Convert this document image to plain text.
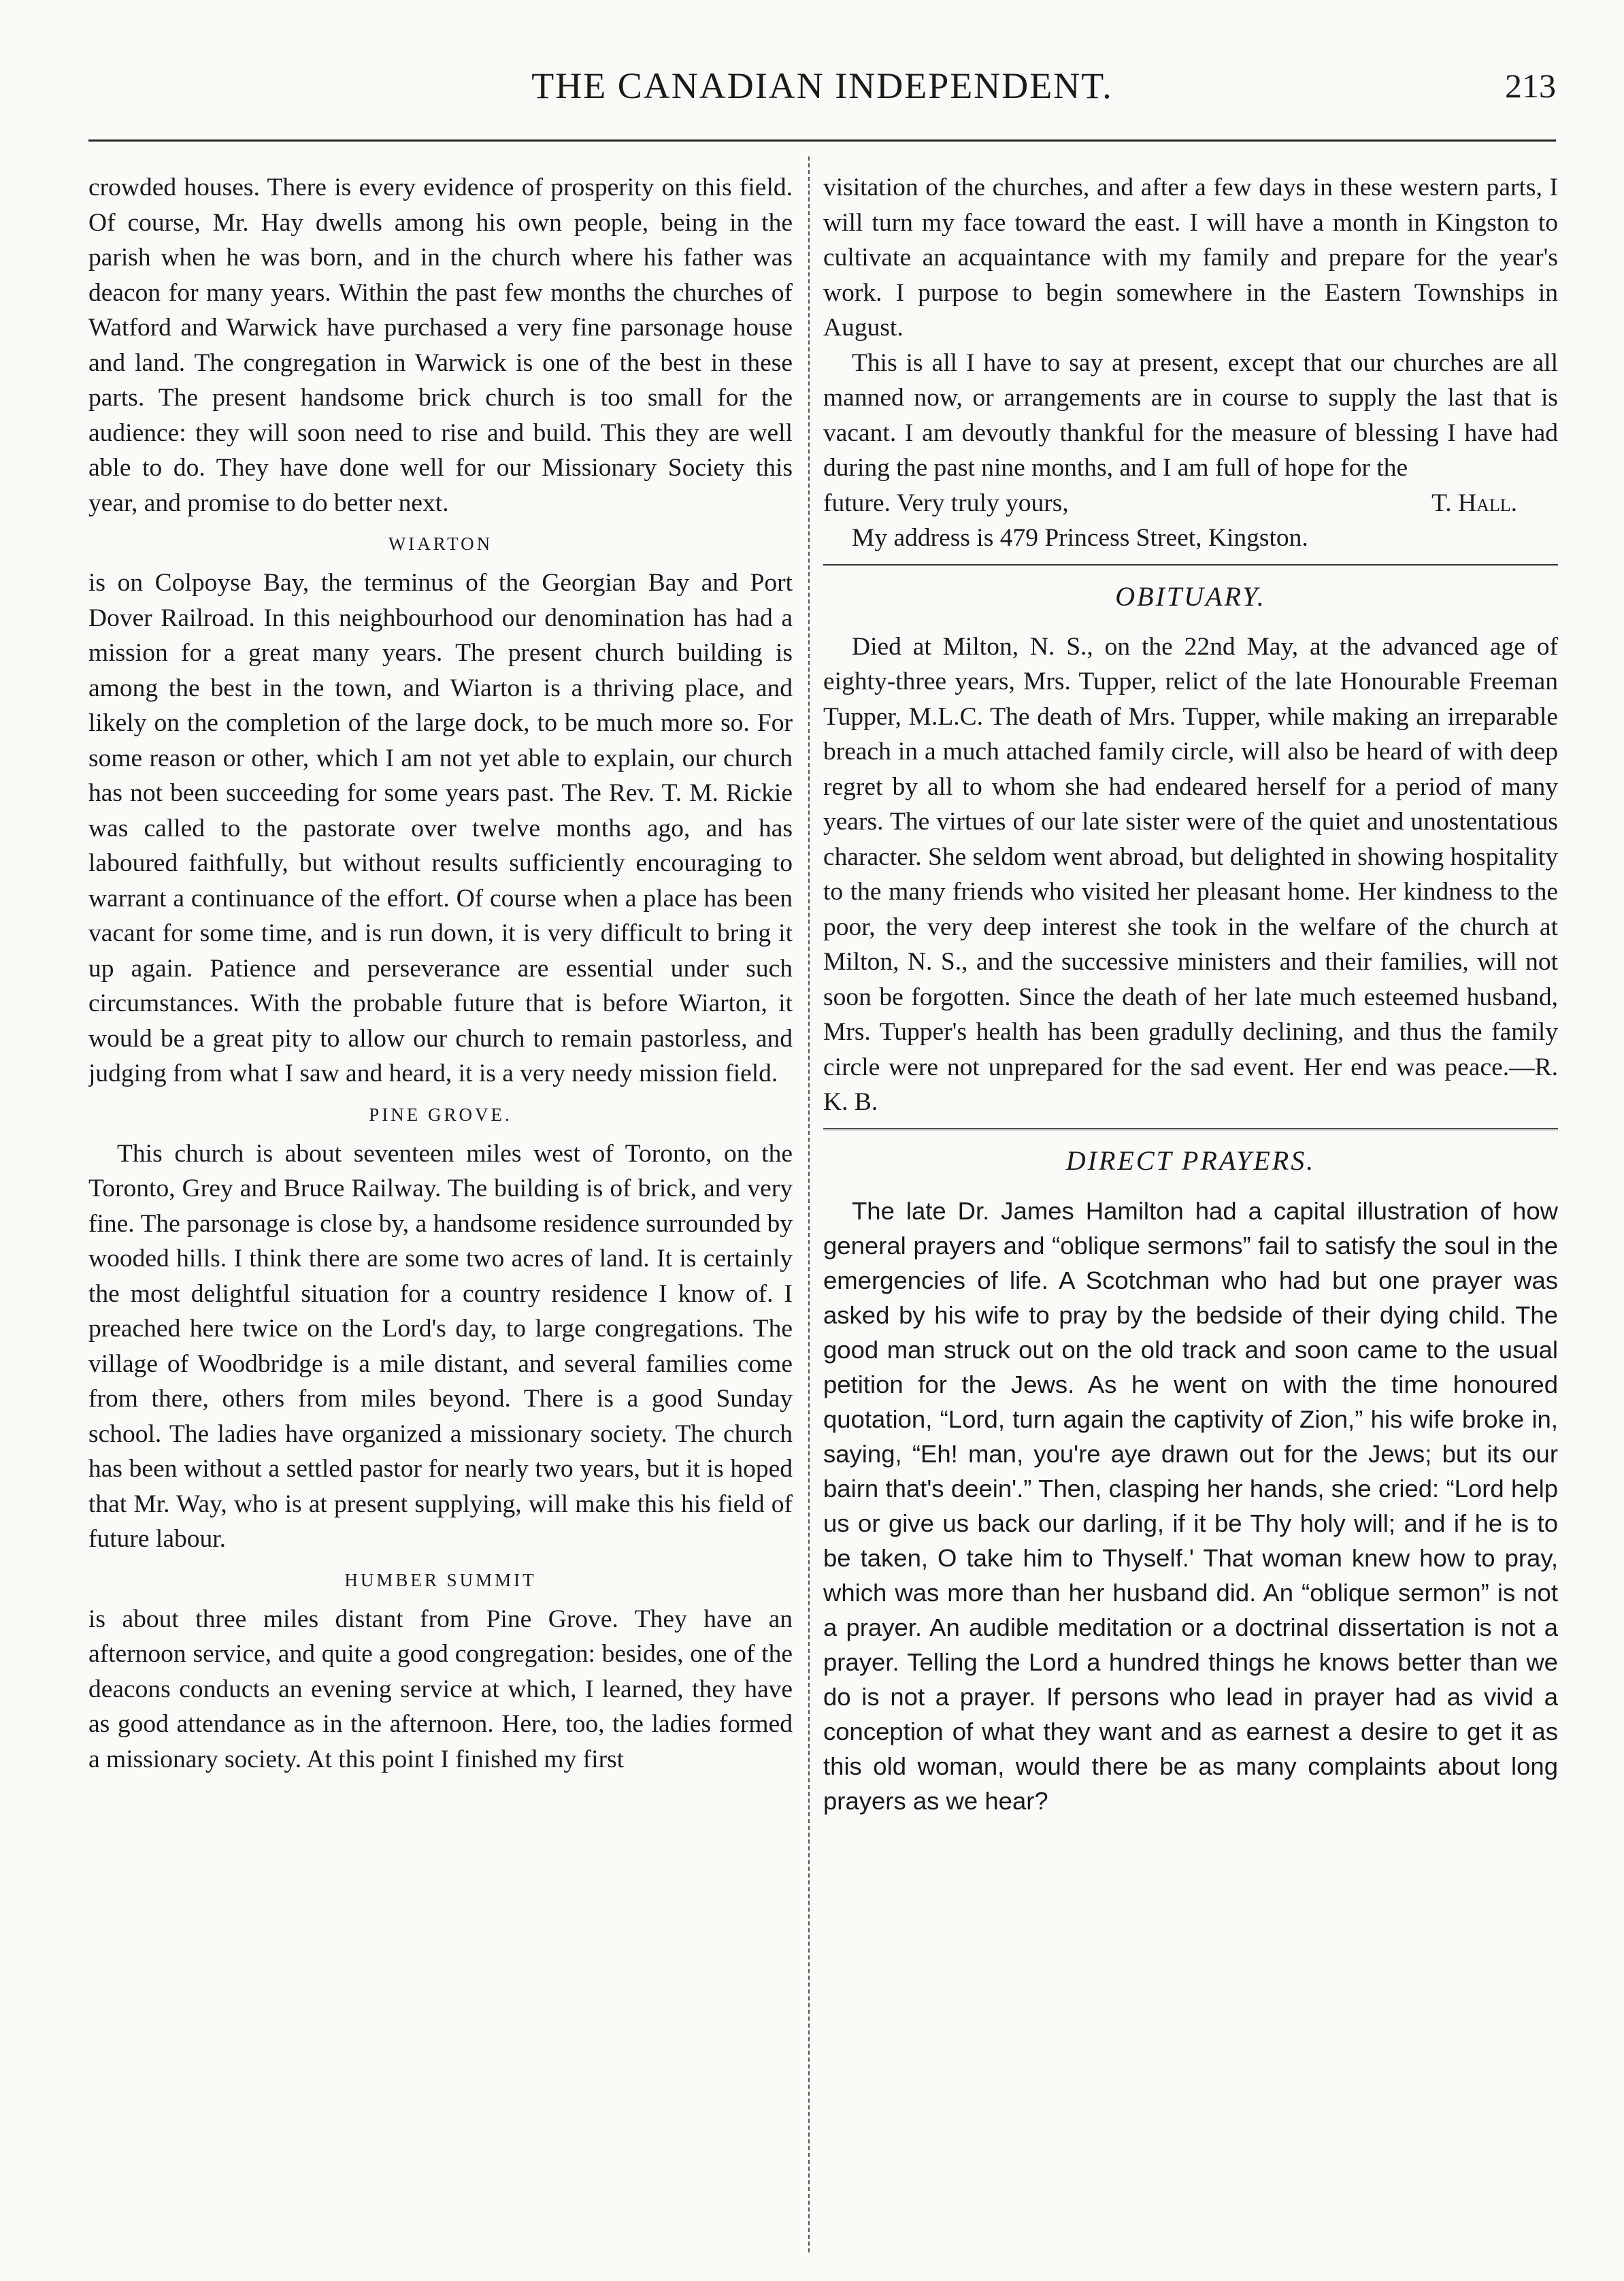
THE CANADIAN INDEPENDENT.	213

crowded houses. There is every evidence of prosperity on this field. Of course, Mr. Hay dwells among his own people, being in the parish when he was born, and in the church where his father was deacon for many years. Within the past few months the churches of Watford and Warwick have purchased a very fine parsonage house and land. The congregation in Warwick is one of the best in these parts. The present handsome brick church is too small for the audience: they will soon need to rise and build. This they are well able to do. They have done well for our Missionary Society this year, and promise to do better next.

WIARTON

is on Colpoyse Bay, the terminus of the Georgian Bay and Port Dover Railroad. In this neighbourhood our denomination has had a mission for a great many years. The present church building is among the best in the town, and Wiarton is a thriving place, and likely on the completion of the large dock, to be much more so. For some reason or other, which I am not yet able to explain, our church has not been succeeding for some years past. The Rev. T. M. Rickie was called to the pastorate over twelve months ago, and has laboured faithfully, but without results sufficiently encouraging to warrant a continuance of the effort. Of course when a place has been vacant for some time, and is run down, it is very difficult to bring it up again. Patience and perseverance are essential under such circumstances. With the probable future that is before Wiarton, it would be a great pity to allow our church to remain pastorless, and judging from what I saw and heard, it is a very needy mission field.

PINE GROVE.

This church is about seventeen miles west of Toronto, on the Toronto, Grey and Bruce Railway. The building is of brick, and very fine. The parsonage is close by, a handsome residence surrounded by wooded hills. I think there are some two acres of land. It is certainly the most delightful situation for a country residence I know of. I preached here twice on the Lord's day, to large congregations. The village of Woodbridge is a mile distant, and several families come from there, others from miles beyond. There is a good Sunday school. The ladies have organized a missionary society. The church has been without a settled pastor for nearly two years, but it is hoped that Mr. Way, who is at present supplying, will make this his field of future labour.

HUMBER SUMMIT

is about three miles distant from Pine Grove. They have an afternoon service, and quite a good congregation: besides, one of the deacons conducts an evening service at which, I learned, they have as good attendance as in the afternoon. Here, too, the ladies formed a missionary society. At this point I finished my first

visitation of the churches, and after a few days in these western parts, I will turn my face toward the east. I will have a month in Kingston to cultivate an acquaintance with my family and prepare for the year's work. I purpose to begin somewhere in the Eastern Townships in August.

This is all I have to say at present, except that our churches are all manned now, or arrangements are in course to supply the last that is vacant. I am devoutly thankful for the measure of blessing I have had during the past nine months, and I am full of hope for the

future. Very truly yours,	T. Hall.

My address is 479 Princess Street, Kingston.

OBITUARY.

Died at Milton, N. S., on the 22nd May, at the advanced age of eighty-three years, Mrs. Tupper, relict of the late Honourable Freeman Tupper, M.L.C. The death of Mrs. Tupper, while making an irreparable breach in a much attached family circle, will also be heard of with deep regret by all to whom she had endeared herself for a period of many years. The virtues of our late sister were of the quiet and unostentatious character. She seldom went abroad, but delighted in showing hospitality to the many friends who visited her pleasant home. Her kindness to the poor, the very deep interest she took in the welfare of the church at Milton, N. S., and the successive ministers and their families, will not soon be forgotten. Since the death of her late much esteemed husband, Mrs. Tupper's health has been gradully declining, and thus the family circle were not unprepared for the sad event. Her end was peace.—R. K. B.

DIRECT PRAYERS.

The late Dr. James Hamilton had a capital illustration of how general prayers and “oblique sermons” fail to satisfy the soul in the emergencies of life. A Scotchman who had but one prayer was asked by his wife to pray by the bedside of their dying child. The good man struck out on the old track and soon came to the usual petition for the Jews. As he went on with the time honoured quotation, “Lord, turn again the captivity of Zion,” his wife broke in, saying, “Eh! man, you're aye drawn out for the Jews; but its our bairn that's deein'.” Then, clasping her hands, she cried: “Lord help us or give us back our darling, if it be Thy holy will; and if he is to be taken, O take him to Thyself.' That woman knew how to pray, which was more than her husband did. An “oblique sermon” is not a prayer. An audible meditation or a doctrinal dissertation is not a prayer. Telling the Lord a hundred things he knows better than we do is not a prayer. If persons who lead in prayer had as vivid a conception of what they want and as earnest a desire to get it as this old woman, would there be as many complaints about long prayers as we hear?
